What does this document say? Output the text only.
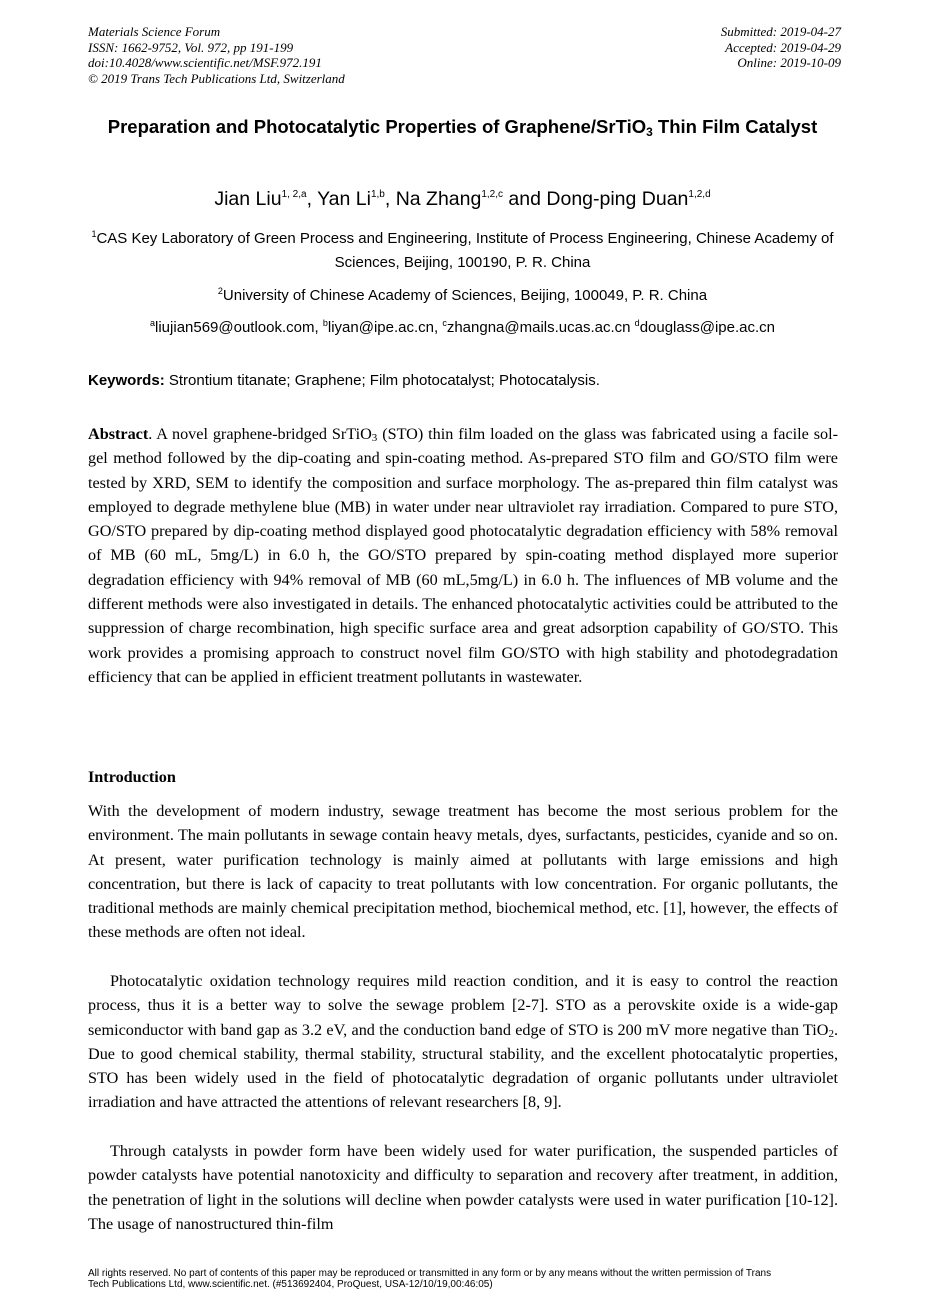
Materials Science Forum
ISSN: 1662-9752, Vol. 972, pp 191-199
doi:10.4028/www.scientific.net/MSF.972.191
© 2019 Trans Tech Publications Ltd, Switzerland
Submitted: 2019-04-27
Accepted: 2019-04-29
Online: 2019-10-09
Preparation and Photocatalytic Properties of Graphene/SrTiO$_3$ Thin Film Catalyst
Jian Liu$^{1, 2,a}$, Yan Li$^{1,b}$, Na Zhang$^{1,2,c}$ and Dong-ping Duan$^{1,2,d}$
$^1$CAS Key Laboratory of Green Process and Engineering, Institute of Process Engineering, Chinese Academy of Sciences, Beijing, 100190, P. R. China
$^2$University of Chinese Academy of Sciences, Beijing, 100049, P. R. China
$^a$liujian569@outlook.com, $^b$liyan@ipe.ac.cn, $^c$zhangna@mails.ucas.ac.cn $^d$douglass@ipe.ac.cn
Keywords: Strontium titanate; Graphene; Film photocatalyst; Photocatalysis.
Abstract. A novel graphene-bridged SrTiO$_3$ (STO) thin film loaded on the glass was fabricated using a facile sol-gel method followed by the dip-coating and spin-coating method. As-prepared STO film and GO/STO film were tested by XRD, SEM to identify the composition and surface morphology. The as-prepared thin film catalyst was employed to degrade methylene blue (MB) in water under near ultraviolet ray irradiation. Compared to pure STO, GO/STO prepared by dip-coating method displayed good photocatalytic degradation efficiency with 58% removal of MB (60 mL, 5mg/L) in 6.0 h, the GO/STO prepared by spin-coating method displayed more superior degradation efficiency with 94% removal of MB (60 mL,5mg/L) in 6.0 h. The influences of MB volume and the different methods were also investigated in details. The enhanced photocatalytic activities could be attributed to the suppression of charge recombination, high specific surface area and great adsorption capability of GO/STO. This work provides a promising approach to construct novel film GO/STO with high stability and photodegradation efficiency that can be applied in efficient treatment pollutants in wastewater.
Introduction
With the development of modern industry, sewage treatment has become the most serious problem for the environment. The main pollutants in sewage contain heavy metals, dyes, surfactants, pesticides, cyanide and so on. At present, water purification technology is mainly aimed at pollutants with large emissions and high concentration, but there is lack of capacity to treat pollutants with low concentration. For organic pollutants, the traditional methods are mainly chemical precipitation method, biochemical method, etc. [1], however, the effects of these methods are often not ideal.
Photocatalytic oxidation technology requires mild reaction condition, and it is easy to control the reaction process, thus it is a better way to solve the sewage problem [2-7]. STO as a perovskite oxide is a wide-gap semiconductor with band gap as 3.2 eV, and the conduction band edge of STO is 200 mV more negative than TiO$_2$. Due to good chemical stability, thermal stability, structural stability, and the excellent photocatalytic properties, STO has been widely used in the field of photocatalytic degradation of organic pollutants under ultraviolet irradiation and have attracted the attentions of relevant researchers [8, 9].
Through catalysts in powder form have been widely used for water purification, the suspended particles of powder catalysts have potential nanotoxicity and difficulty to separation and recovery after treatment, in addition, the penetration of light in the solutions will decline when powder catalysts were used in water purification [10-12]. The usage of nanostructured thin-film
All rights reserved. No part of contents of this paper may be reproduced or transmitted in any form or by any means without the written permission of Trans
Tech Publications Ltd, www.scientific.net. (#513692404, ProQuest, USA-12/10/19,00:46:05)
